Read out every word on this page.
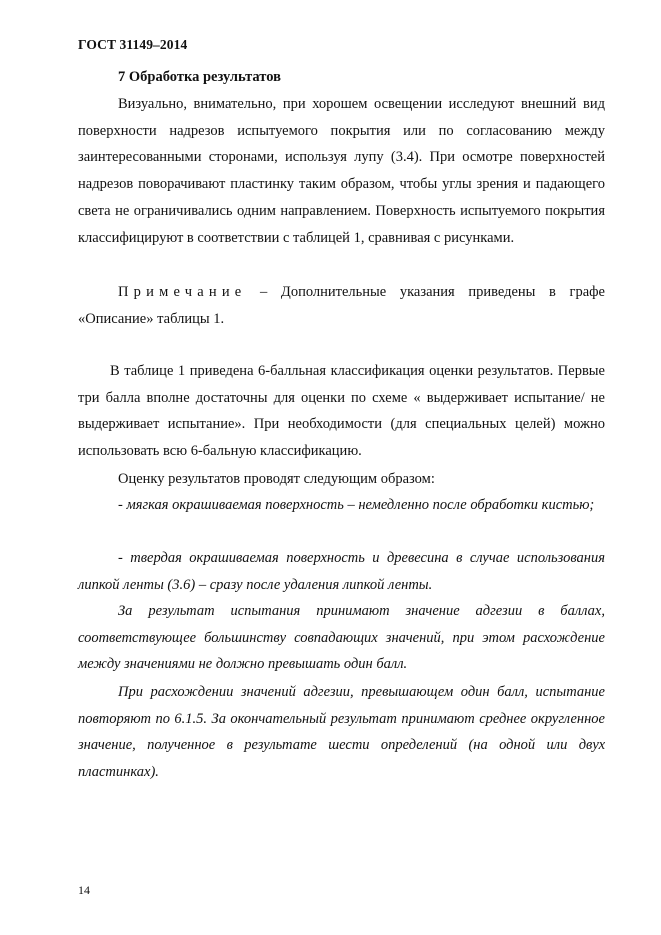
ГОСТ 31149–2014
7 Обработка результатов

Визуально, внимательно, при хорошем освещении исследуют внешний вид поверхности надрезов испытуемого покрытия или по согласованию между заинтересованными сторонами, используя лупу (3.4). При осмотре поверхностей надрезов поворачивают пластинку таким образом, чтобы углы зрения и падающего света не ограничивались одним направлением. Поверхность испытуемого покрытия классифицируют в соответствии с таблицей 1, сравнивая с рисунками.

Примечание – Дополнительные указания приведены в графе «Описание» таблицы 1.

В таблице 1 приведена 6-балльная классификация оценки результатов. Первые три балла вполне достаточны для оценки по схеме « выдерживает испытание/ не выдерживает испытание». При необходимости (для специальных целей) можно использовать всю 6-бальную классификацию.

Оценку результатов проводят следующим образом:

- мягкая окрашиваемая поверхность – немедленно после обработки кистью;

- твердая окрашиваемая поверхность и древесина в случае использования липкой ленты (3.6) – сразу после удаления липкой ленты.

За результат испытания принимают значение адгезии в баллах, соответствующее большинству совпадающих значений, при этом расхождение между значениями не должно превышать один балл.

При расхождении значений адгезии, превышающем один балл, испытание повторяют по 6.1.5. За окончательный результат принимают среднее округленное значение, полученное в результате шести определений (на одной или двух пластинках).

14
